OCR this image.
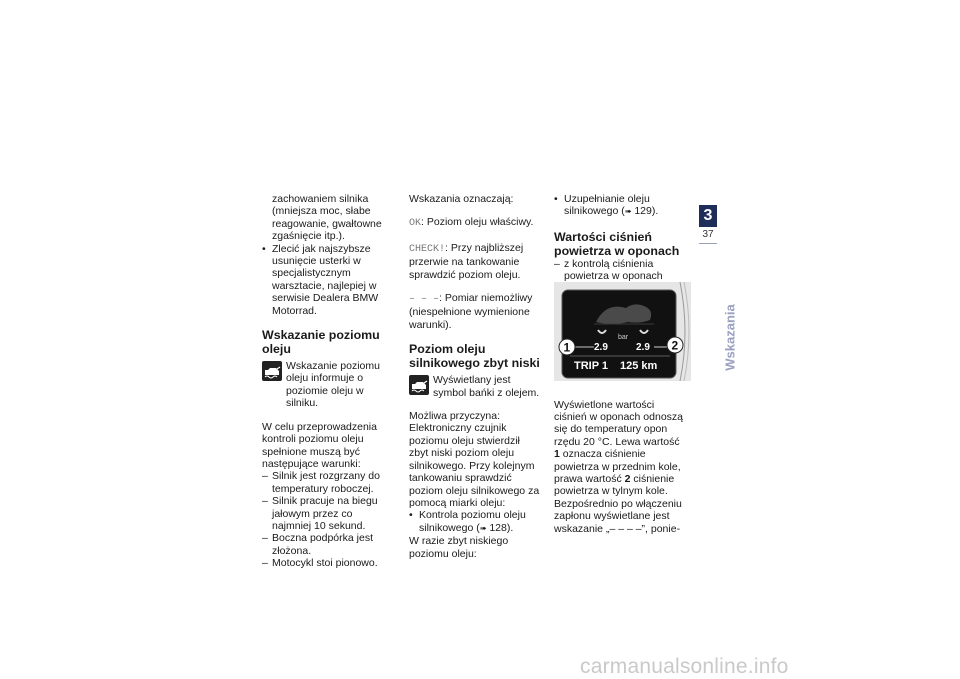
zachowaniem silnika (mniejsza moc, słabe reagowanie, gwałtowne zgaśnięcie itp.).

• Zlecić jak najszybsze usunięcie usterki w specjalistycznym warsztacie, najlepiej w serwisie Dealera BMW Motorrad.

Wskazanie poziomu oleju

Wskazanie poziomu oleju informuje o poziomie oleju w silniku.

W celu przeprowadzenia kontroli poziomu oleju spełnione muszą być następujące warunki:

– Silnik jest rozgrzany do temperatury roboczej.

– Silnik pracuje na biegu jałowym przez co najmniej 10 sekund.

– Boczna podpórka jest złożona.

– Motocykl stoi pionowo.

Wskazania oznaczają:

OK: Poziom oleju właściwy.

CHECK!: Przy najbliższej przerwie na tankowanie sprawdzić poziom oleju.

– – –: Pomiar niemożliwy (niespełnione wymienione warunki).

Poziom oleju silnikowego zbyt niski

Wyświetlany jest symbol bańki z olejem.

Możliwa przyczyna:

Elektroniczny czujnik poziomu oleju stwierdził zbyt niski poziom oleju silnikowego. Przy kolejnym tankowaniu sprawdzić poziom oleju silnikowego za pomocą miarki oleju:

• Kontrola poziomu oleju silnikowego (➠ 128).

W razie zbyt niskiego poziomu oleju:

• Uzupełnianie oleju silnikowego (➠ 129).

Wartości ciśnień powietrza w oponach

– z kontrolą ciśnienia powietrza w oponach

Wyświetlone wartości ciśnień w oponach odnoszą się do temperatury opon rzędu 20 °C. Lewa wartość 1 oznacza ciśnienie powietrza w przednim kole, prawa wartość 2 ciśnienie powietrza w tylnym kole. Bezpośrednio po włączeniu zapłonu wyświetlane jest wskazanie „– – – –”, ponie-

bar
2.9	2.9
1	2
TRIP 1 125 km
3
37
Wskazania
carmanualsonline.info
